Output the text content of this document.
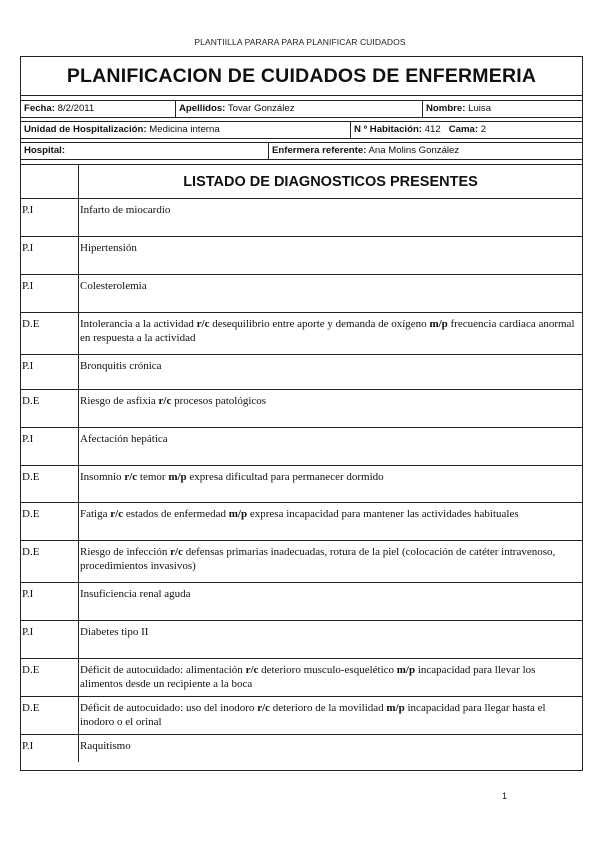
PLANTIILLA PARARA PARA PLANIFICAR CUIDADOS
PLANIFICACION DE CUIDADOS DE ENFERMERIA
Fecha: 8/2/2011	Apellidos: Tovar González	Nombre: Luisa
Unidad de Hospitalización: Medicina interna	N º Habitación: 412 Cama: 2
Hospital:	Enfermera referente: Ana Molins González
LISTADO DE DIAGNOSTICOS PRESENTES
P.I	Infarto de miocardio
P.I	Hipertensión
P.I	Colesterolemia
D.E	Intolerancia a la actividad r/c desequilibrio entre aporte y demanda de oxígeno m/p frecuencia cardiaca anormal en respuesta a la actividad
P.I	Bronquitis crónica
D.E	Riesgo de asfixia r/c procesos patológicos
P.I	Afectación hepática
D.E	Insomnio r/c temor m/p expresa dificultad para permanecer dormido
D.E	Fatiga r/c estados de enfermedad m/p expresa incapacidad para mantener las actividades habituales
D.E	Riesgo de infección r/c defensas primarias inadecuadas, rotura de la piel (colocación de catéter intravenoso, procedimientos invasivos)
P.I	Insuficiencia renal aguda
P.I	Diabetes tipo II
D.E	Déficit de autocuidado: alimentación r/c deterioro musculo-esquelético m/p incapacidad para llevar los alimentos desde un recipiente a la boca
D.E	Déficit de autocuidado: uso del inodoro r/c deterioro de la movilidad m/p incapacidad para llegar hasta el inodoro o el orinal
P.I	Raquitismo
1
